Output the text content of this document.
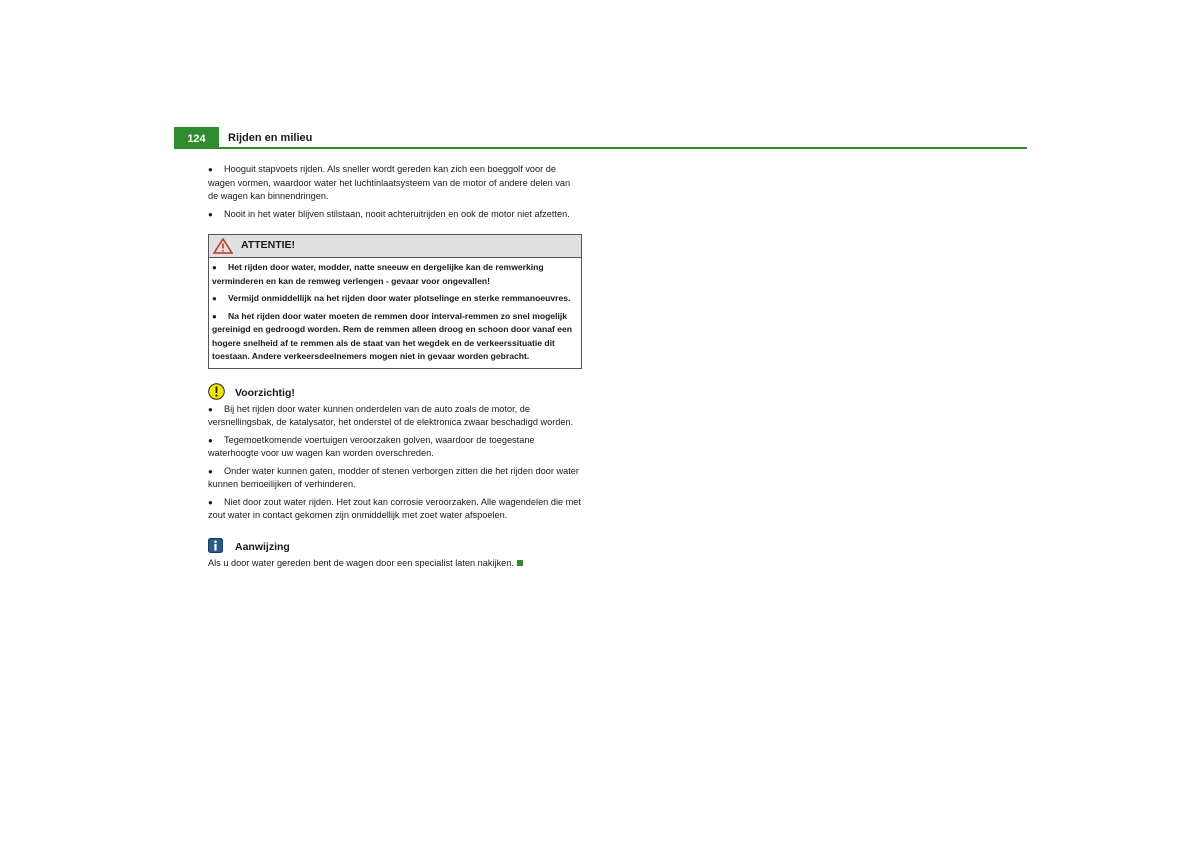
124	Rijden en milieu

● Hooguit stapvoets rijden. Als sneller wordt gereden kan zich een boeggolf voor de wagen vormen, waardoor water het luchtinlaatsysteem van de motor of andere delen van de wagen kan binnendringen.

● Nooit in het water blijven stilstaan, nooit achteruitrijden en ook de motor niet afzetten.

ATTENTIE!

● Het rijden door water, modder, natte sneeuw en dergelijke kan de remwerking verminderen en kan de remweg verlengen - gevaar voor ongevallen!

● Vermijd onmiddellijk na het rijden door water plotselinge en sterke remmanoeuvres.

● Na het rijden door water moeten de remmen door interval-remmen zo snel mogelijk gereinigd en gedroogd worden. Rem de remmen alleen droog en schoon door vanaf een hogere snelheid af te remmen als de staat van het wegdek en de verkeerssituatie dit toestaan. Andere verkeersdeelnemers mogen niet in gevaar worden gebracht.

Voorzichtig!

● Bij het rijden door water kunnen onderdelen van de auto zoals de motor, de versnellingsbak, de katalysator, het onderstel of de elektronica zwaar beschadigd worden.

● Tegemoetkomende voertuigen veroorzaken golven, waardoor de toegestane waterhoogte voor uw wagen kan worden overschreden.

● Onder water kunnen gaten, modder of stenen verborgen zitten die het rijden door water kunnen bemoeilijken of verhinderen.

● Niet door zout water rijden. Het zout kan corrosie veroorzaken. Alle wagendelen die met zout water in contact gekomen zijn onmiddellijk met zoet water afspoelen.

Aanwijzing

Als u door water gereden bent de wagen door een specialist laten nakijken.
